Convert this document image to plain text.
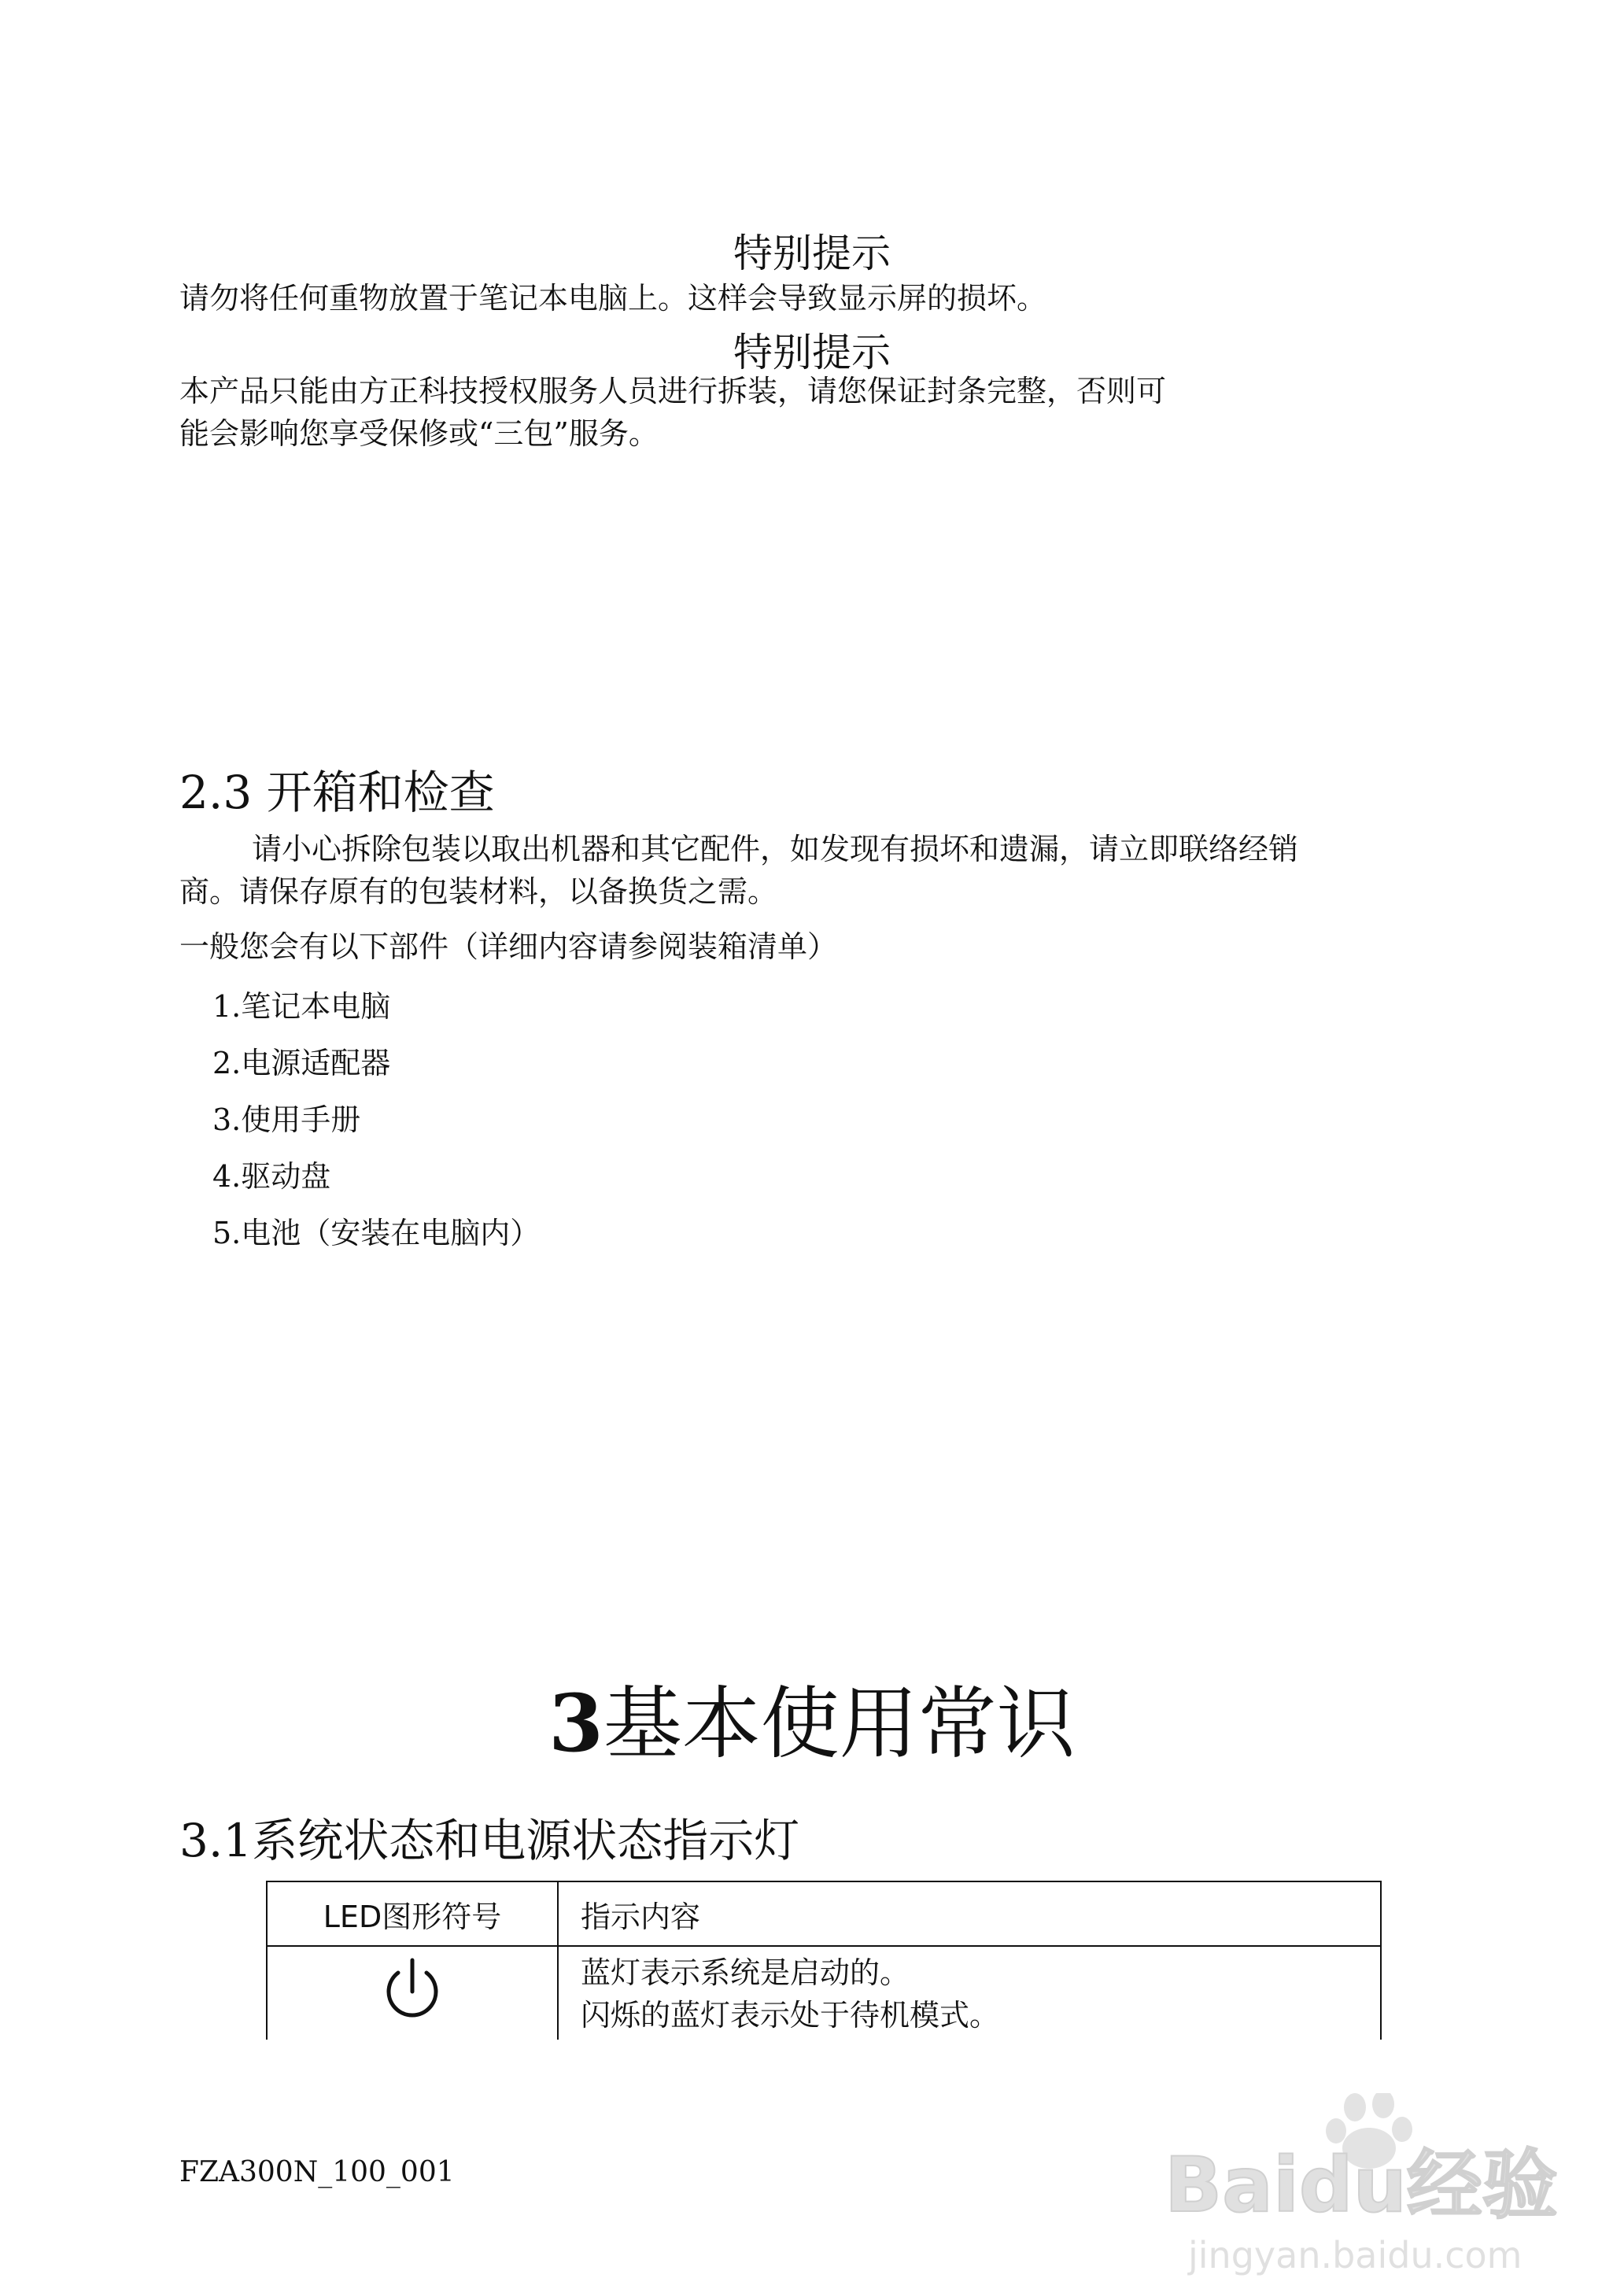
特别提示
请勿将任何重物放置于笔记本电脑上。这样会导致显示屏的损坏。
特别提示
本产品只能由方正科技授权服务人员进行拆装，请您保证封条完整，否则可
能会影响您享受保修或“三包”服务。
2.3 开箱和检查
请小心拆除包装以取出机器和其它配件，如发现有损坏和遗漏，请立即联络经销
商。请保存原有的包装材料，以备换货之需。
一般您会有以下部件（详细内容请参阅装箱清单）
1.笔记本电脑
2.电源适配器
3.使用手册
4.驱动盘
5.电池（安装在电脑内）
3基本使用常识
3.1系统状态和电源状态指示灯
LED图形符号	指示内容

蓝灯表示系统是启动的。
闪烁的蓝灯表示处于待机模式。
FZA300N_100_001	Baidu经验
jingyan.baidu.com
